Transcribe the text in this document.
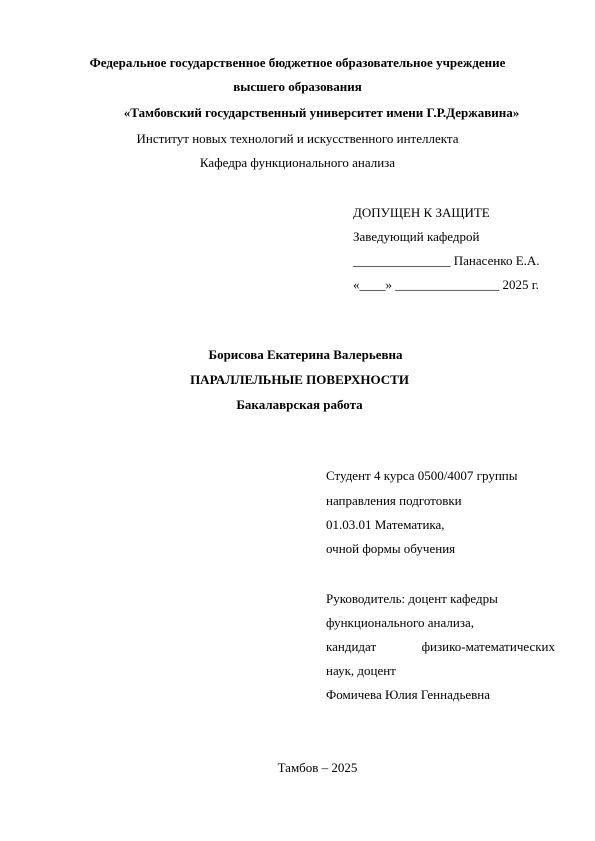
Федеральное государственное бюджетное образовательное учреждение
высшего образования
«Тамбовский государственный университет имени Г.Р.Державина»
Институт новых технологий и искусственного интеллекта
Кафедра функционального анализа
ДОПУЩЕН К ЗАЩИТЕ
Заведующий кафедрой
_______________ Панасенко Е.А.
«____» ________________ 2025 г.
Борисова Екатерина Валерьевна
ПАРАЛЛЕЛЬНЫЕ ПОВЕРХНОСТИ
Бакалаврская работа
Студент 4 курса 0500/4007 группы
направления подготовки
01.03.01 Математика,
очной формы обучения
Руководитель: доцент кафедры
функционального анализа,
кандидат	физико-математических
наук, доцент
Фомичева Юлия Геннадьевна
Тамбов – 2025
